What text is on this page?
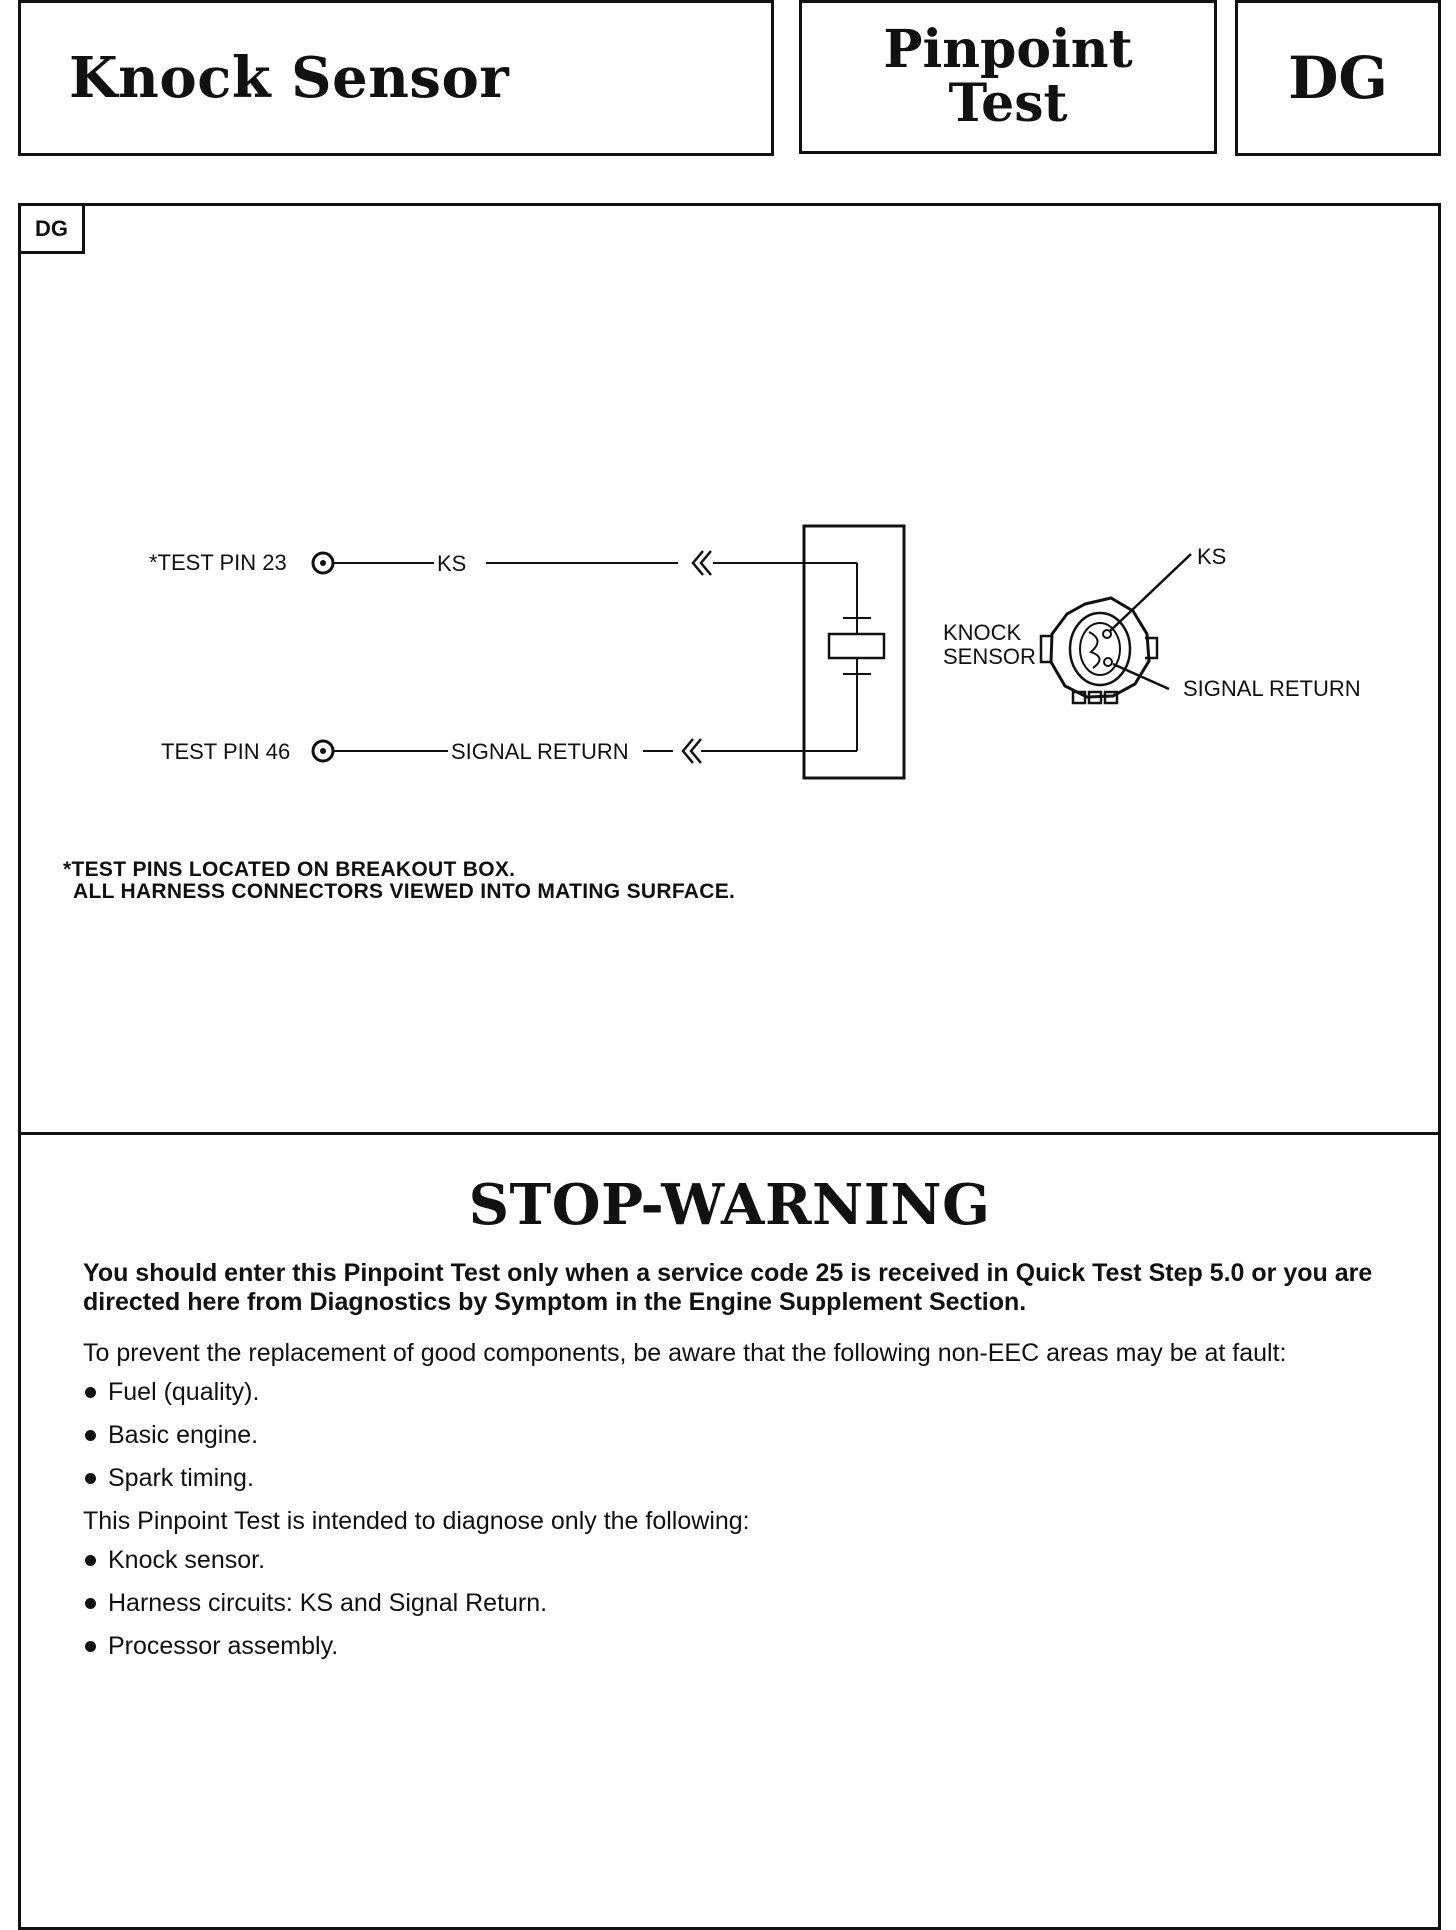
Knock Sensor	Pinpoint
Test	DG
DG
*TEST PIN 23	KS
TEST PIN 46	SIGNAL RETURN
KNOCK
SENSOR
KS
SIGNAL RETURN
*TEST PINS LOCATED ON BREAKOUT BOX.
ALL HARNESS CONNECTORS VIEWED INTO MATING SURFACE.
STOP-WARNING

You should enter this Pinpoint Test only when a service code 25 is received in Quick Test Step 5.0 or you are directed here from Diagnostics by Symptom in the Engine Supplement Section.

To prevent the replacement of good components, be aware that the following non-EEC areas may be at fault:

Fuel (quality).
Basic engine.
Spark timing.

This Pinpoint Test is intended to diagnose only the following:

Knock sensor.
Harness circuits: KS and Signal Return.
Processor assembly.
